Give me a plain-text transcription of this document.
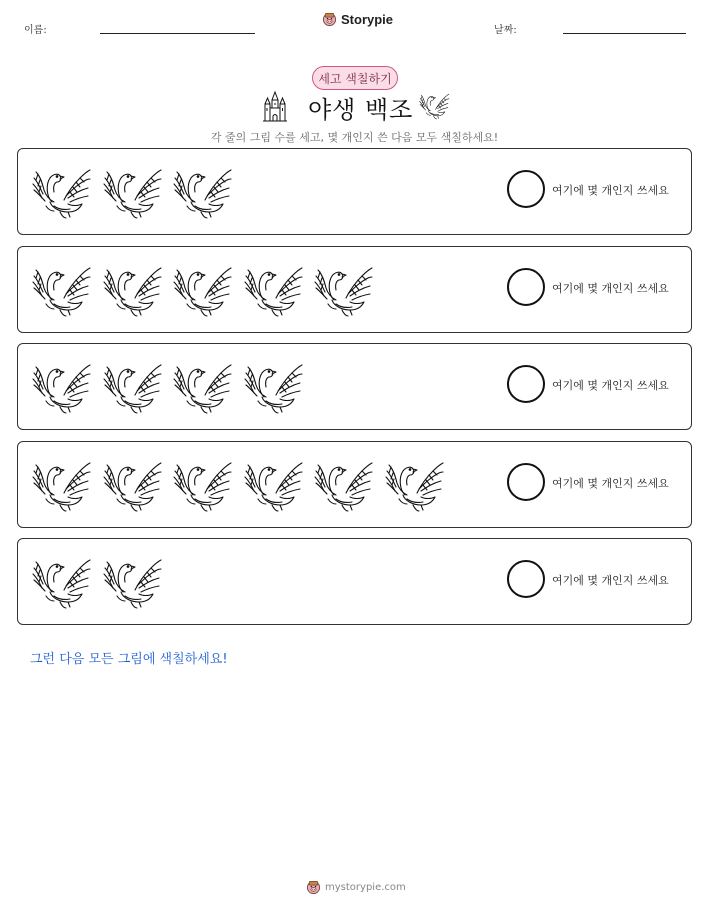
이름:
Storypie
날짜:
세고 색칠하기
야생 백조
각 줄의 그림 수를 세고, 몇 개인지 쓴 다음 모두 색칠하세요!
여기에 몇 개인지 쓰세요
여기에 몇 개인지 쓰세요
여기에 몇 개인지 쓰세요
여기에 몇 개인지 쓰세요
여기에 몇 개인지 쓰세요
그런 다음 모든 그림에 색칠하세요!
mystorypie.com
